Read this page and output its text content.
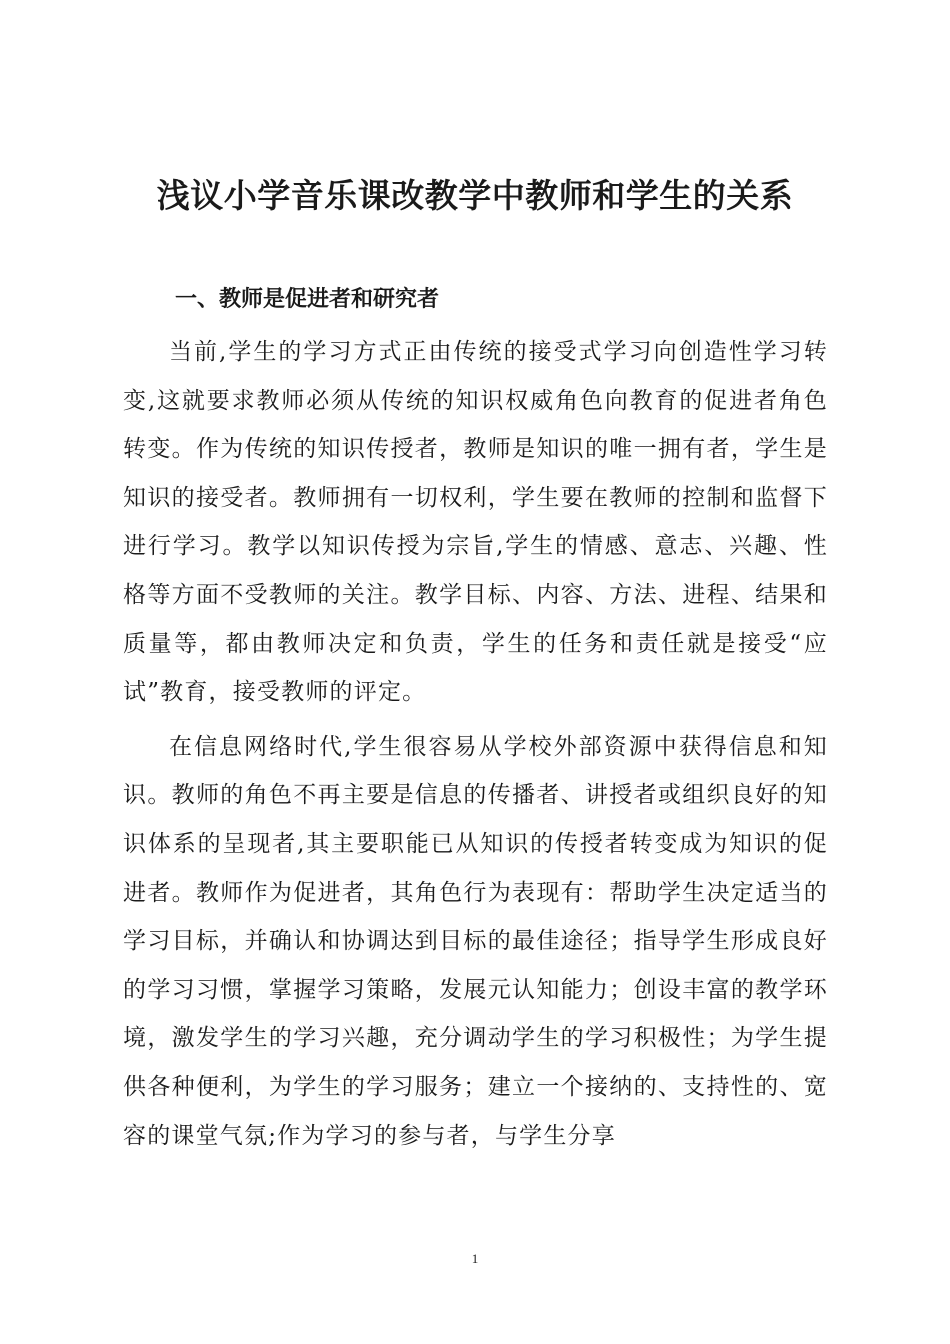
浅议小学音乐课改教学中教师和学生的关系
一、教师是促进者和研究者

当前,学生的学习方式正由传统的接受式学习向创造性学习转变,这就要求教师必须从传统的知识权威角色向教育的促进者角色转变。作为传统的知识传授者，教师是知识的唯一拥有者，学生是知识的接受者。教师拥有一切权利，学生要在教师的控制和监督下进行学习。教学以知识传授为宗旨,学生的情感、意志、兴趣、性格等方面不受教师的关注。教学目标、内容、方法、进程、结果和质量等，都由教师决定和负责，学生的任务和责任就是接受“应试”教育，接受教师的评定。

在信息网络时代,学生很容易从学校外部资源中获得信息和知识。教师的角色不再主要是信息的传播者、讲授者或组织良好的知识体系的呈现者,其主要职能已从知识的传授者转变成为知识的促进者。教师作为促进者，其角色行为表现有：帮助学生决定适当的学习目标，并确认和协调达到目标的最佳途径；指导学生形成良好的学习习惯，掌握学习策略，发展元认知能力；创设丰富的教学环境，激发学生的学习兴趣，充分调动学生的学习积极性；为学生提供各种便利，为学生的学习服务；建立一个接纳的、支持性的、宽容的课堂气氛;作为学习的参与者，与学生分享

1
